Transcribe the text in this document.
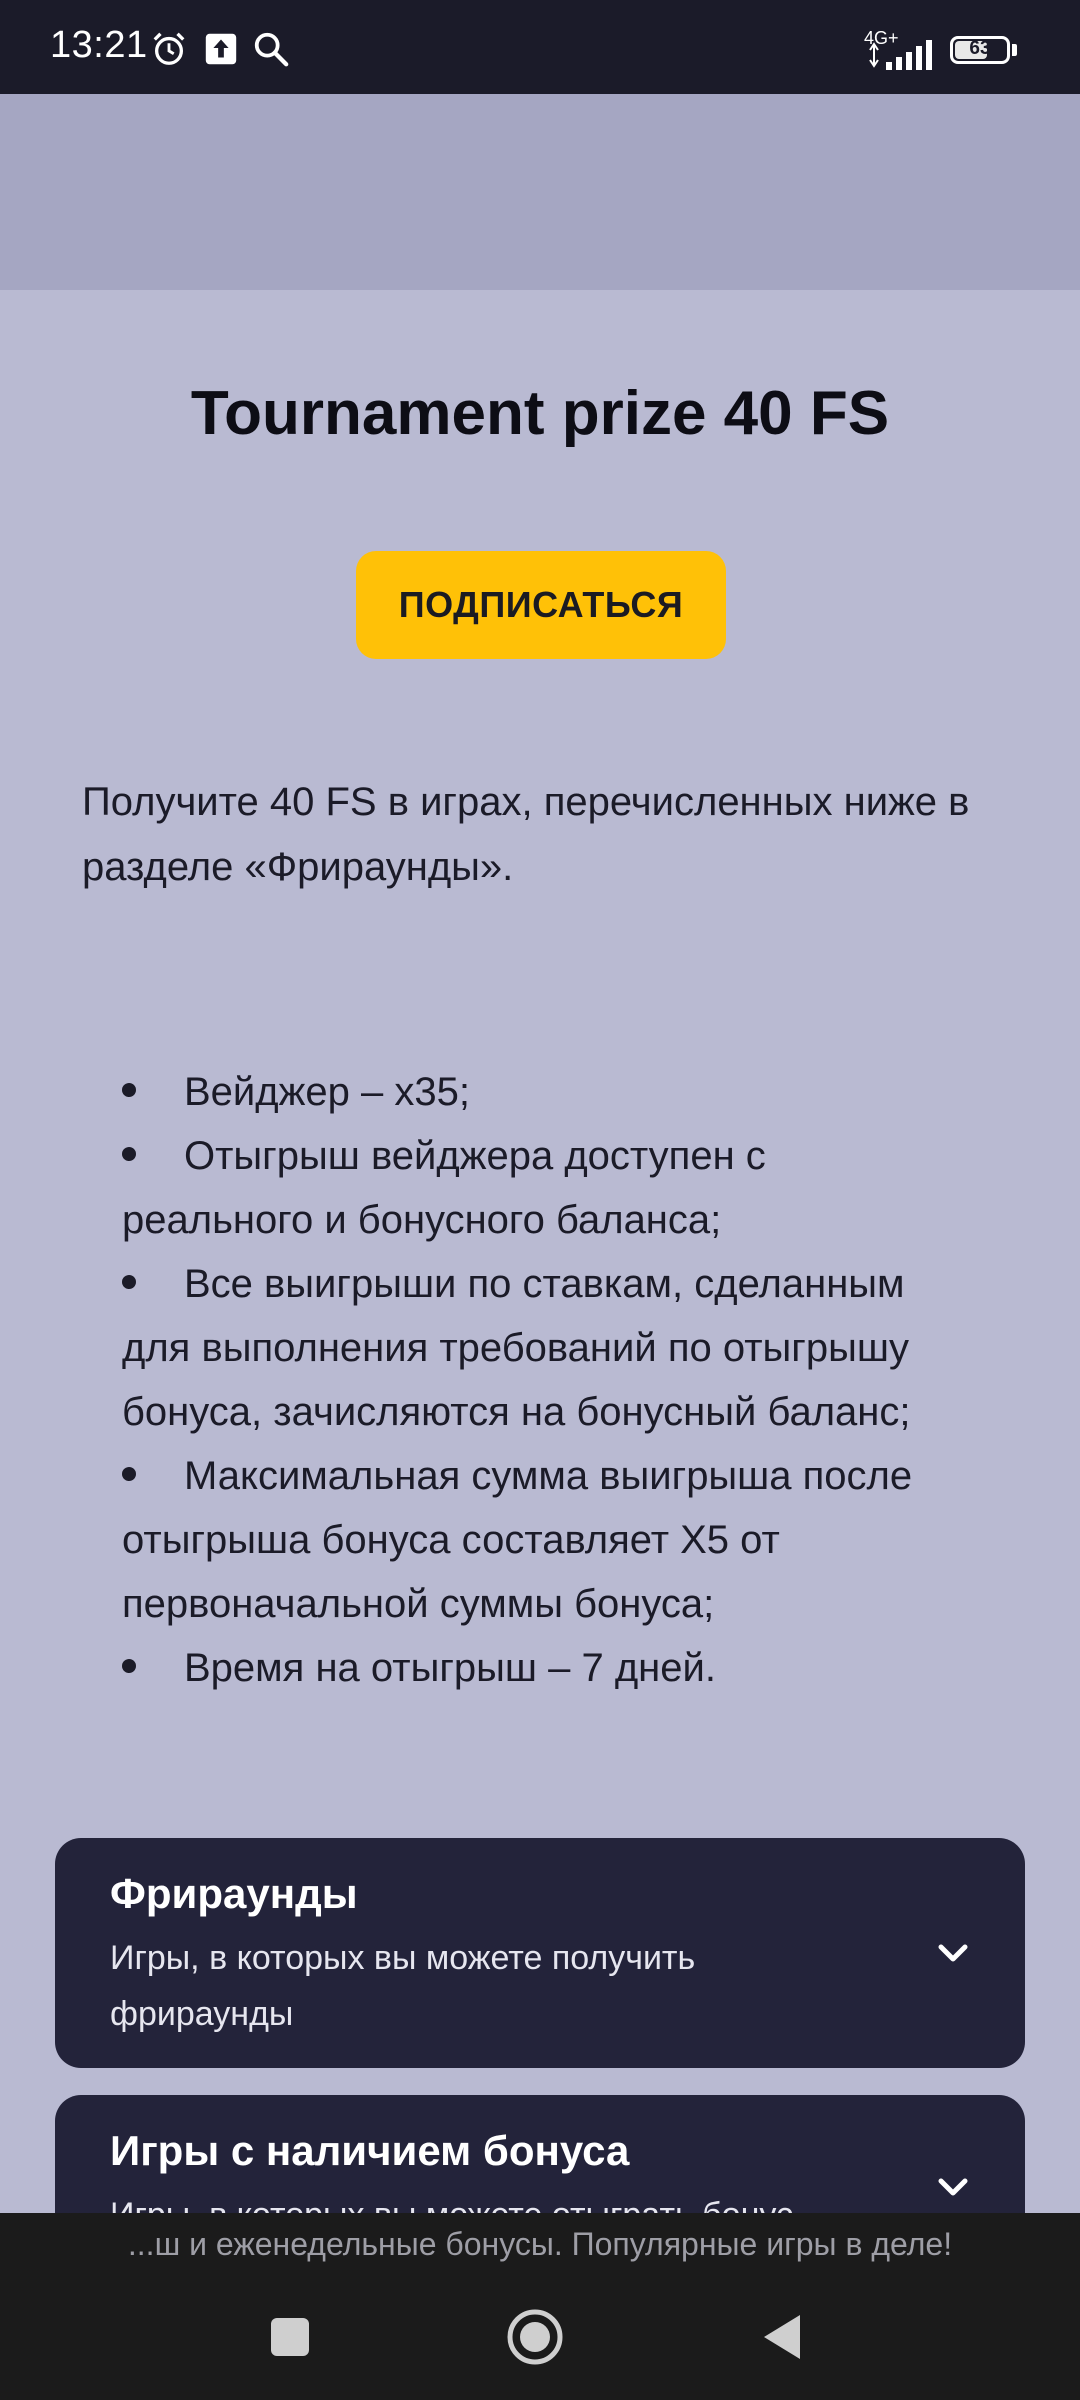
13:21	4G+	63
Tournament prize 40 FS
ПОДПИСАТЬСЯ
Получите 40 FS в играх, перечисленных ниже в разделе «Фрираунды».
Вейджер – x35;
Отыгрыш вейджера доступен с реального и бонусного баланса;
Все выигрыши по ставкам, сделанным для выполнения требований по отыгрышу бонуса, зачисляются на бонусный баланс;
Максимальная сумма выигрыша после отыгрыша бонуса составляет X5 от первоначальной суммы бонуса;
Время на отыгрыш – 7 дней.
Фрираунды
Игры, в которых вы можете получить фрираунды
Игры с наличием бонуса
...ш и еженедельные бонусы. Популярные игры в деле!
